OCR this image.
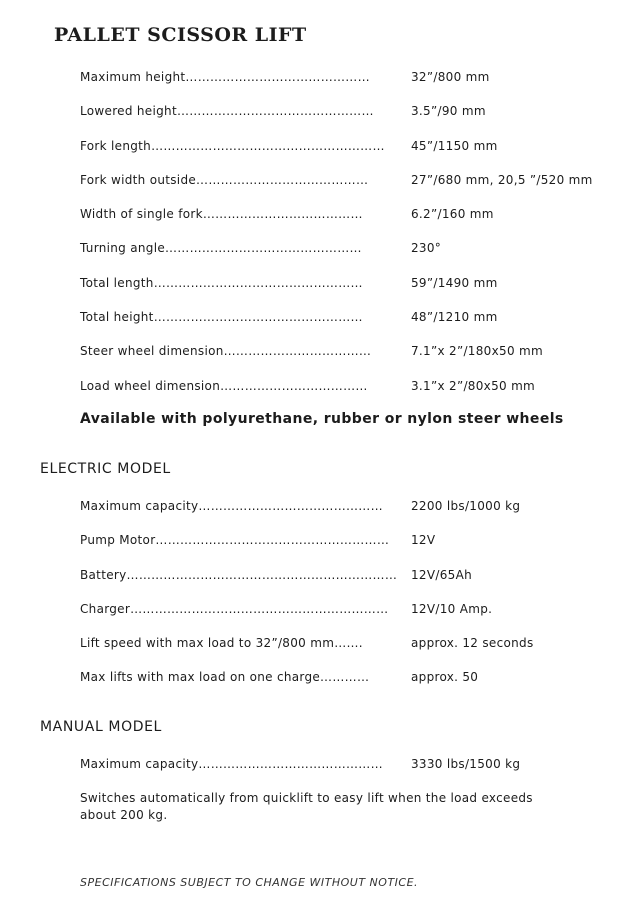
PALLET SCISSOR LIFT
Maximum height………………………………………	32”/800 mm
Lowered height…………………………………………	3.5”/90 mm
Fork length………………………………………………… 45”/1150 mm
Fork width outside……………………………………	27”/680 mm, 20,5 ”/520 mm
Width of single fork…………………………………	6.2”/160 mm
Turning angle…………………………………………	230°
Total length……………………………………………	59”/1490 mm
Total height……………………………………………	48”/1210 mm
Steer wheel dimension………………………………	7.1”x 2”/180x50 mm
Load wheel dimension………………………………	3.1”x 2”/80x50 mm

Available with polyurethane, rubber or nylon steer wheels

ELECTRIC MODEL
Maximum capacity……………………………………… 2200 lbs/1000 kg
Pump Motor………………………………………………… 12V
Battery………………………………………………………… 12V/65Ah
Charger……………………………………………………… 12V/10 Amp.
Lift speed with max load to 32”/800 mm…….	approx. 12 seconds
Max lifts with max load on one charge…………	approx. 50
MANUAL MODEL
Maximum capacity……………………………………… 3330 lbs/1500 kg

Switches automatically from quicklift to easy lift when the load exceeds about 200 kg.

SPECIFICATIONS SUBJECT TO CHANGE WITHOUT NOTICE.
